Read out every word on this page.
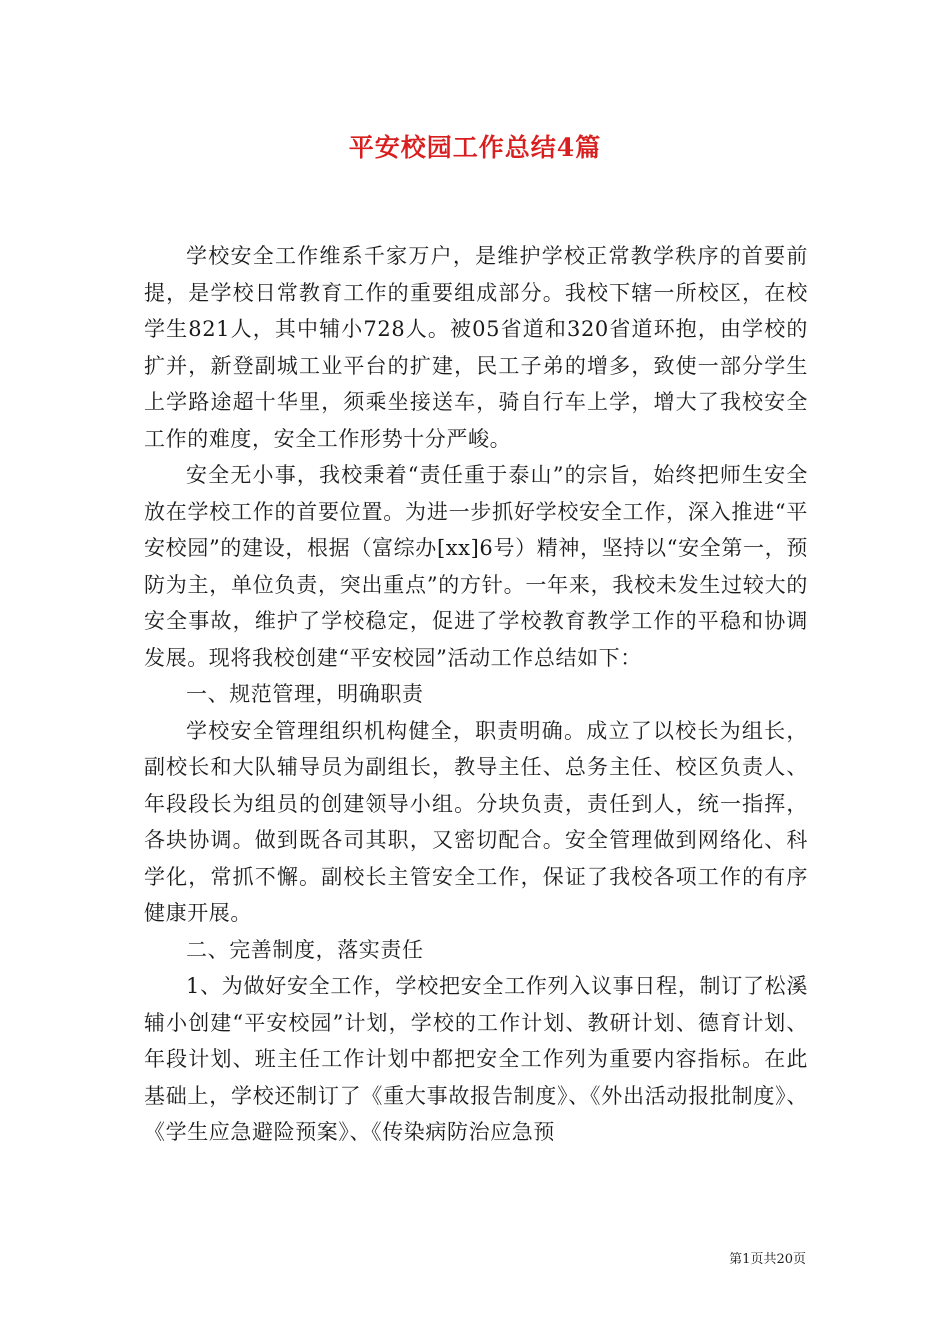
平安校园工作总结4篇

学校安全工作维系千家万户，是维护学校正常教学秩序的首要前提，是学校日常教育工作的重要组成部分。我校下辖一所校区，在校学生821人，其中辅小728人。被05省道和320省道环抱，由学校的扩并，新登副城工业平台的扩建，民工子弟的增多，致使一部分学生上学路途超十华里，须乘坐接送车，骑自行车上学，增大了我校安全工作的难度，安全工作形势十分严峻。

安全无小事，我校秉着“责任重于泰山”的宗旨，始终把师生安全放在学校工作的首要位置。为进一步抓好学校安全工作，深入推进“平安校园”的建设，根据（富综办[xx]6号）精神，坚持以“安全第一，预防为主，单位负责，突出重点”的方针。一年来，我校未发生过较大的安全事故，维护了学校稳定，促进了学校教育教学工作的平稳和协调发展。现将我校创建“平安校园”活动工作总结如下：

一、规范管理，明确职责

学校安全管理组织机构健全，职责明确。成立了以校长为组长，副校长和大队辅导员为副组长，教导主任、总务主任、校区负责人、年段段长为组员的创建领导小组。分块负责，责任到人，统一指挥，各块协调。做到既各司其职，又密切配合。安全管理做到网络化、科学化，常抓不懈。副校长主管安全工作，保证了我校各项工作的有序健康开展。

二、完善制度，落实责任

1、为做好安全工作，学校把安全工作列入议事日程，制订了松溪辅小创建“平安校园”计划，学校的工作计划、教研计划、德育计划、年段计划、班主任工作计划中都把安全工作列为重要内容指标。在此基础上，学校还制订了《重大事故报告制度》、《外出活动报批制度》、《学生应急避险预案》、《传染病防治应急预

第1页共20页
